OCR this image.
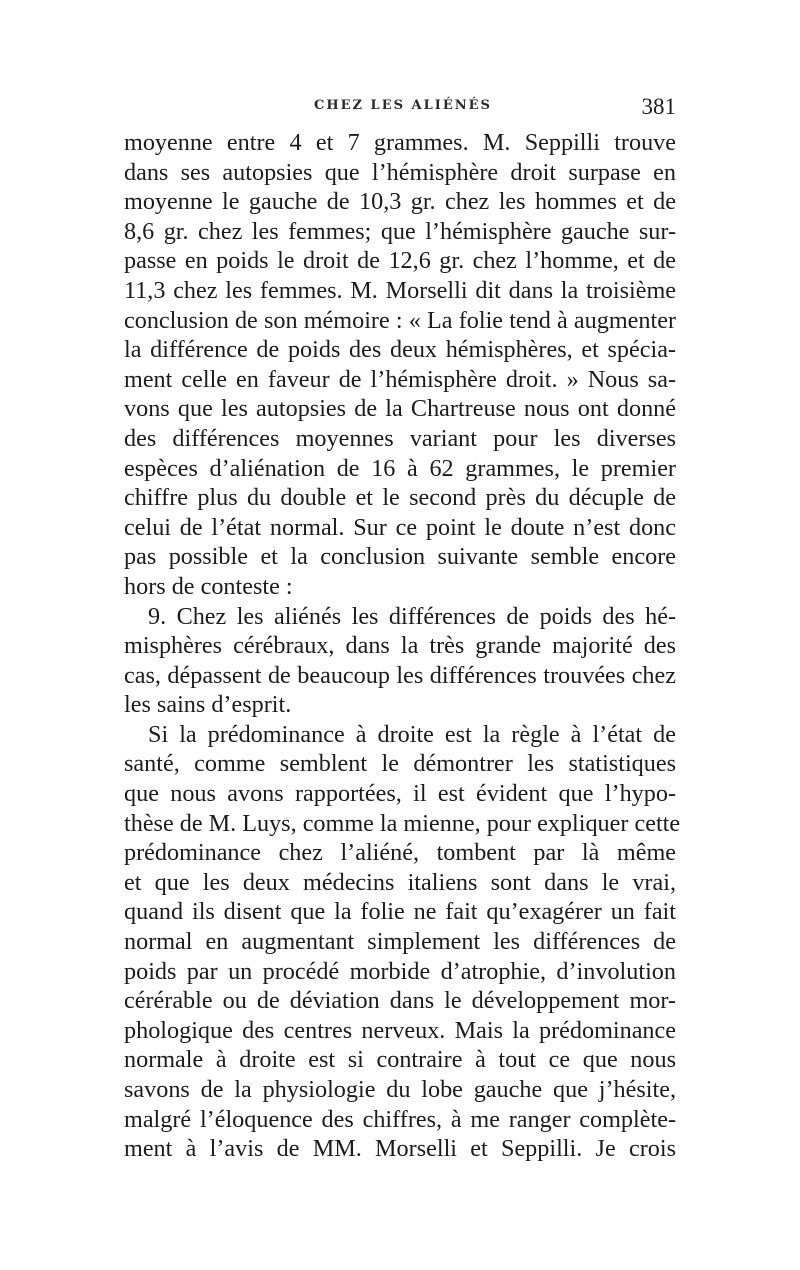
CHEZ LES ALIÉNÉS	381
moyenne entre 4 et 7 grammes. M. Seppilli trouve
dans ses autopsies que l’hémisphère droit surpase en
moyenne le gauche de 10,3 gr. chez les hommes et de
8,6 gr. chez les femmes; que l’hémisphère gauche sur-
passe en poids le droit de 12,6 gr. chez l’homme, et de
11,3 chez les femmes. M. Morselli dit dans la troisième
conclusion de son mémoire : « La folie tend à augmenter
la différence de poids des deux hémisphères, et spécia-
ment celle en faveur de l’hémisphère droit. » Nous sa-
vons que les autopsies de la Chartreuse nous ont donné
des différences moyennes variant pour les diverses
espèces d’aliénation de 16 à 62 grammes, le premier
chiffre plus du double et le second près du décuple de
celui de l’état normal. Sur ce point le doute n’est donc
pas possible et la conclusion suivante semble encore
hors de conteste :
9. Chez les aliénés les différences de poids des hé-
misphères cérébraux, dans la très grande majorité des
cas, dépassent de beaucoup les différences trouvées chez
les sains d’esprit.
Si la prédominance à droite est la règle à l’état de
santé, comme semblent le démontrer les statistiques
que nous avons rapportées, il est évident que l’hypo-
thèse de M. Luys, comme la mienne, pour expliquer cette
prédominance chez l’aliéné, tombent par là même
et que les deux médecins italiens sont dans le vrai,
quand ils disent que la folie ne fait qu’exagérer un fait
normal en augmentant simplement les différences de
poids par un procédé morbide d’atrophie, d’involution
cérérable ou de déviation dans le développement mor-
phologique des centres nerveux. Mais la prédominance
normale à droite est si contraire à tout ce que nous
savons de la physiologie du lobe gauche que j’hésite,
malgré l’éloquence des chiffres, à me ranger complète-
ment à l’avis de MM. Morselli et Seppilli. Je crois
